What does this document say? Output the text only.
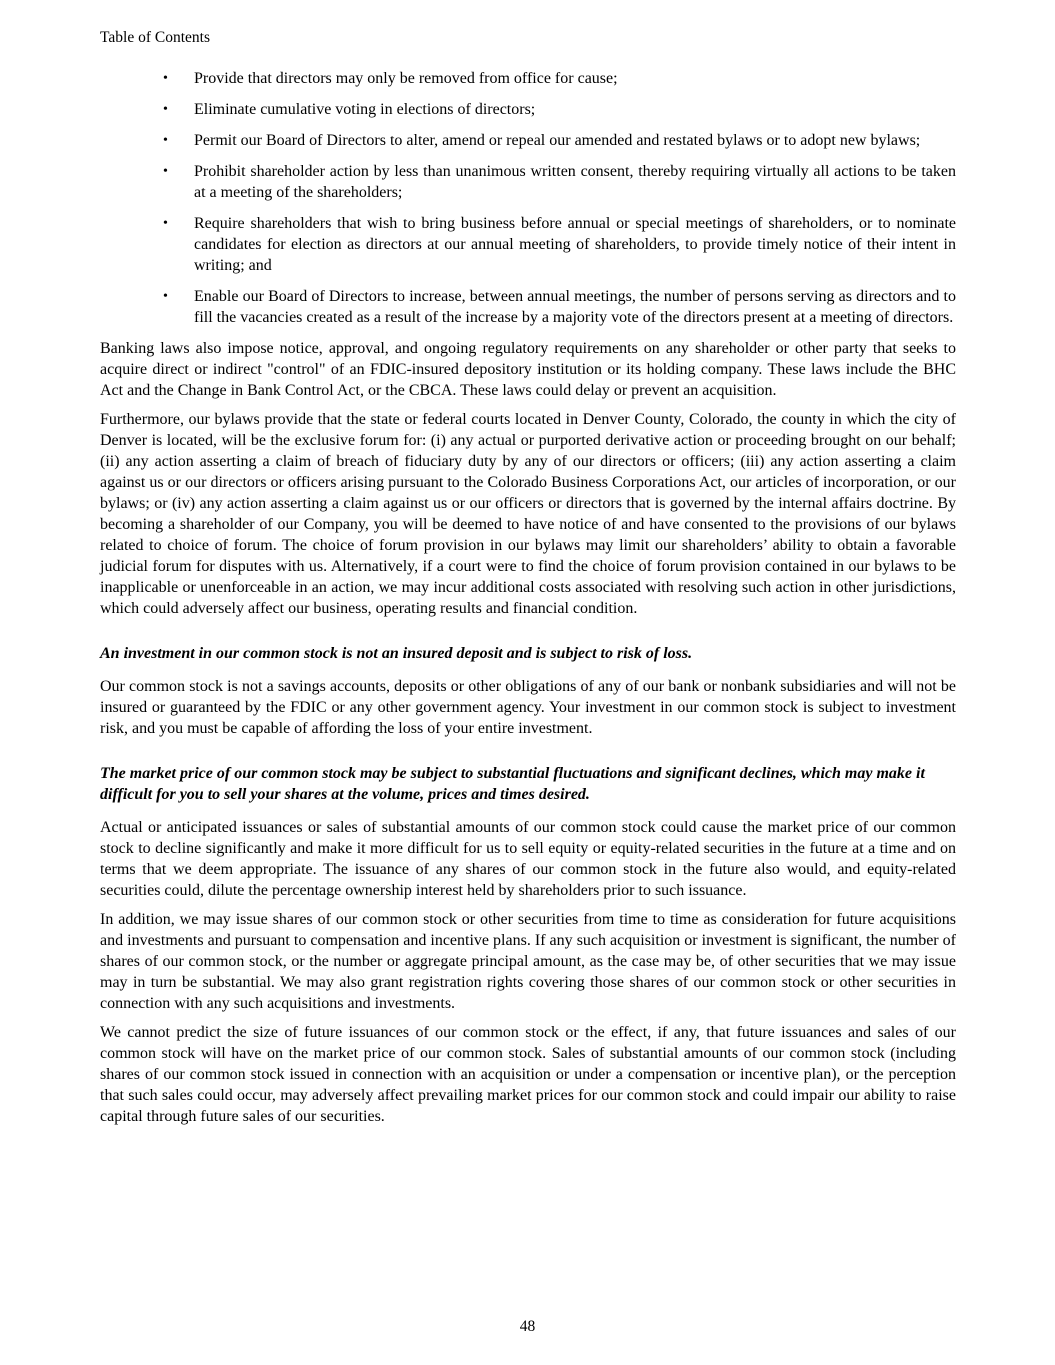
Table of Contents
• Provide that directors may only be removed from office for cause;
• Eliminate cumulative voting in elections of directors;
• Permit our Board of Directors to alter, amend or repeal our amended and restated bylaws or to adopt new bylaws;
• Prohibit shareholder action by less than unanimous written consent, thereby requiring virtually all actions to be taken at a meeting of the shareholders;
• Require shareholders that wish to bring business before annual or special meetings of shareholders, or to nominate candidates for election as directors at our annual meeting of shareholders, to provide timely notice of their intent in writing; and
• Enable our Board of Directors to increase, between annual meetings, the number of persons serving as directors and to fill the vacancies created as a result of the increase by a majority vote of the directors present at a meeting of directors.

Banking laws also impose notice, approval, and ongoing regulatory requirements on any shareholder or other party that seeks to acquire direct or indirect "control" of an FDIC-insured depository institution or its holding company. These laws include the BHC Act and the Change in Bank Control Act, or the CBCA. These laws could delay or prevent an acquisition.

Furthermore, our bylaws provide that the state or federal courts located in Denver County, Colorado, the county in which the city of Denver is located, will be the exclusive forum for: (i) any actual or purported derivative action or proceeding brought on our behalf; (ii) any action asserting a claim of breach of fiduciary duty by any of our directors or officers; (iii) any action asserting a claim against us or our directors or officers arising pursuant to the Colorado Business Corporations Act, our articles of incorporation, or our bylaws; or (iv) any action asserting a claim against us or our officers or directors that is governed by the internal affairs doctrine. By becoming a shareholder of our Company, you will be deemed to have notice of and have consented to the provisions of our bylaws related to choice of forum. The choice of forum provision in our bylaws may limit our shareholders’ ability to obtain a favorable judicial forum for disputes with us. Alternatively, if a court were to find the choice of forum provision contained in our bylaws to be inapplicable or unenforceable in an action, we may incur additional costs associated with resolving such action in other jurisdictions, which could adversely affect our business, operating results and financial condition.

An investment in our common stock is not an insured deposit and is subject to risk of loss.

Our common stock is not a savings accounts, deposits or other obligations of any of our bank or nonbank subsidiaries and will not be insured or guaranteed by the FDIC or any other government agency. Your investment in our common stock is subject to investment risk, and you must be capable of affording the loss of your entire investment.

The market price of our common stock may be subject to substantial fluctuations and significant declines, which may make it difficult for you to sell your shares at the volume, prices and times desired.

Actual or anticipated issuances or sales of substantial amounts of our common stock could cause the market price of our common stock to decline significantly and make it more difficult for us to sell equity or equity-related securities in the future at a time and on terms that we deem appropriate. The issuance of any shares of our common stock in the future also would, and equity-related securities could, dilute the percentage ownership interest held by shareholders prior to such issuance.

In addition, we may issue shares of our common stock or other securities from time to time as consideration for future acquisitions and investments and pursuant to compensation and incentive plans. If any such acquisition or investment is significant, the number of shares of our common stock, or the number or aggregate principal amount, as the case may be, of other securities that we may issue may in turn be substantial. We may also grant registration rights covering those shares of our common stock or other securities in connection with any such acquisitions and investments.

We cannot predict the size of future issuances of our common stock or the effect, if any, that future issuances and sales of our common stock will have on the market price of our common stock. Sales of substantial amounts of our common stock (including shares of our common stock issued in connection with an acquisition or under a compensation or incentive plan), or the perception that such sales could occur, may adversely affect prevailing market prices for our common stock and could impair our ability to raise capital through future sales of our securities.

48
